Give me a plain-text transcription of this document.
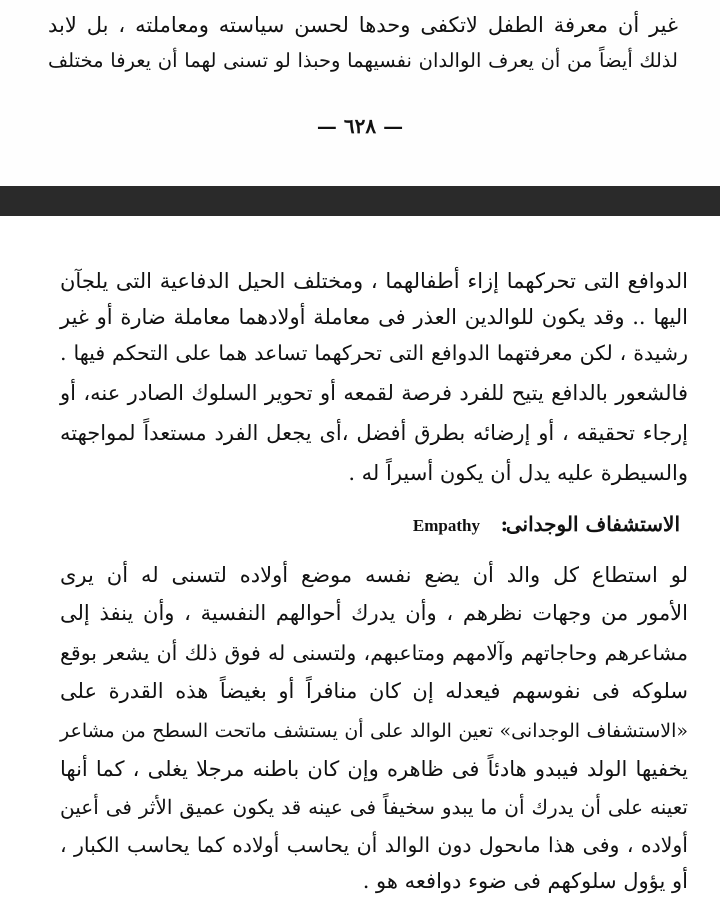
غير أن معرفة الطفل لاتكفى وحدها لحسن سياسته ومعاملته ، بل لابد
لذلك أيضاً من أن يعرف الوالدان نفسيهما وحبذا لو تسنى لهما أن يعرفا مختلف
— ٦٢٨ —
الدوافع التى تحركهما إزاء أطفالهما ، ومختلف الحيل الدفاعية التى يلجآن
اليها .. وقد يكون للوالدين العذر فى معاملة أولادهما معاملة ضارة أو غير
رشيدة ، لكن معرفتهما الدوافع التى تحركهما تساعد هما على التحكم فيها .
فالشعور بالدافع يتيح للفرد فرصة لقمعه أو تحوير السلوك الصادر عنه، أو
إرجاء تحقيقه ، أو إرضائه بطرق أفضل ،أى يجعل الفرد مستعداً لمواجهته
والسيطرة عليه يدل أن يكون أسيراً له .
الاستشفاف الوجدانى
:
Empathy
لو استطاع كل والد أن يضع نفسه موضع أولاده لتسنى له أن يرى
الأمور من وجهات نظرهم ، وأن يدرك أحوالهم النفسية ، وأن ينفذ إلى
مشاعرهم وحاجاتهم وآلامهم ومتاعبهم، ولتسنى له فوق ذلك أن يشعر بوقع
سلوكه فى نفوسهم فيعدله إن كان منافراً أو بغيضاً هذه القدرة على
«الاستشفاف الوجدانى» تعين الوالد على أن يستشف ماتحت السطح من مشاعر
يخفيها الولد فيبدو هادئاً فى ظاهره وإن كان باطنه مرجلا يغلى ، كما أنها
تعينه على أن يدرك أن ما يبدو سخيفاً فى عينه قد يكون عميق الأثر فى أعين
أولاده ، وفى هذا ماىحول دون الوالد أن يحاسب أولاده كما يحاسب الكبار ،
أو يؤول سلوكهم فى ضوء دوافعه هو .
